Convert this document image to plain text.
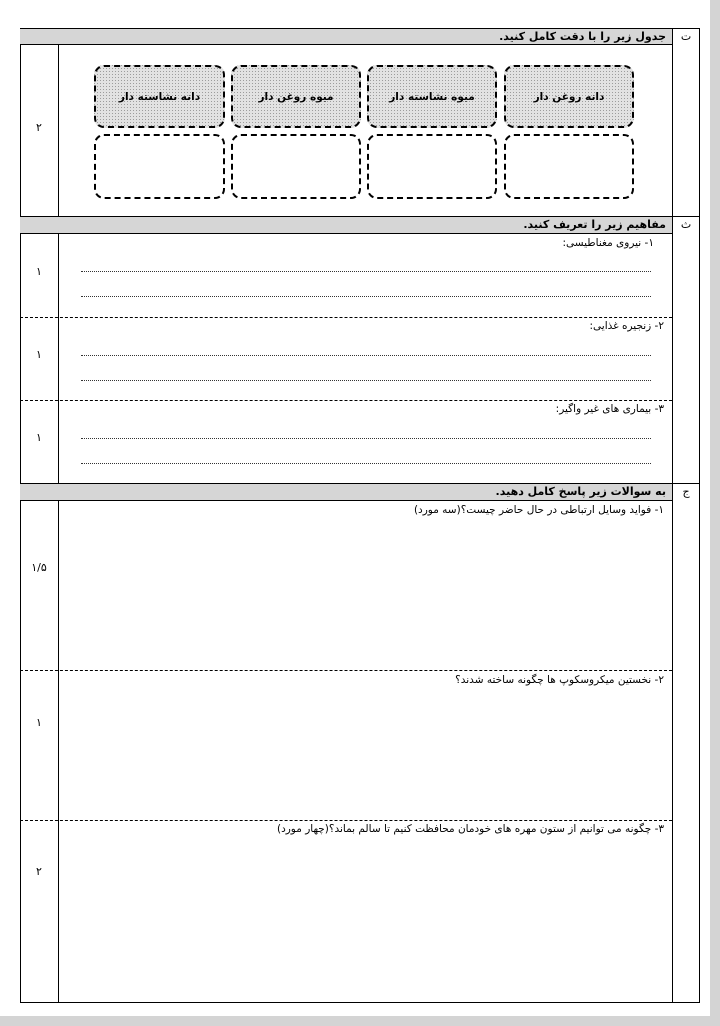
جدول زیر را با دقت کامل کنید.	ت
۲
دانه روغن دار
میوه نشاسته دار
میوه روغن دار
دانه نشاسته دار
مفاهیم زیر را تعریف کنید.	ث
۱- نیروی مغناطیسی:
۱
۲- زنجیره غذایی:
۱
۳- بیماری های غیر واگیر:
۱
به سوالات زیر پاسخ کامل دهید.	ج
۱- فواید وسایل ارتباطی در حال حاضر چیست؟(سه مورد)
۱/۵
۲- نخستین میکروسکوپ ها چگونه ساخته شدند؟
۱
۳- چگونه می توانیم از ستون مهره های خودمان محافظت کنیم تا سالم بماند؟(چهار مورد)
۲
